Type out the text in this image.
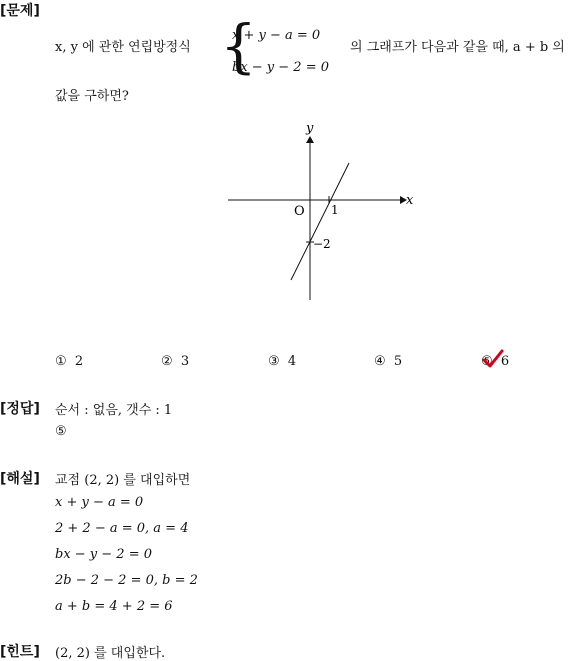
[문제]
x, y 에 관한 연립방정식 {
x + y − a = 0
bx − y − 2 = 0
의 그래프가 다음과 같을 때, a + b 의
값을 구하면?
y
x
O 1
−2
① 2	② 3	③ 4	④ 5	⑤ 6
[정답] 순서 : 없음, 갯수 : 1
⑤
[해설] 교점 (2, 2) 를 대입하면
x + y − a = 0
2 + 2 − a = 0, a = 4
bx − y − 2 = 0
2b − 2 − 2 = 0, b = 2
a + b = 4 + 2 = 6
[힌트] (2, 2) 를 대입한다.
